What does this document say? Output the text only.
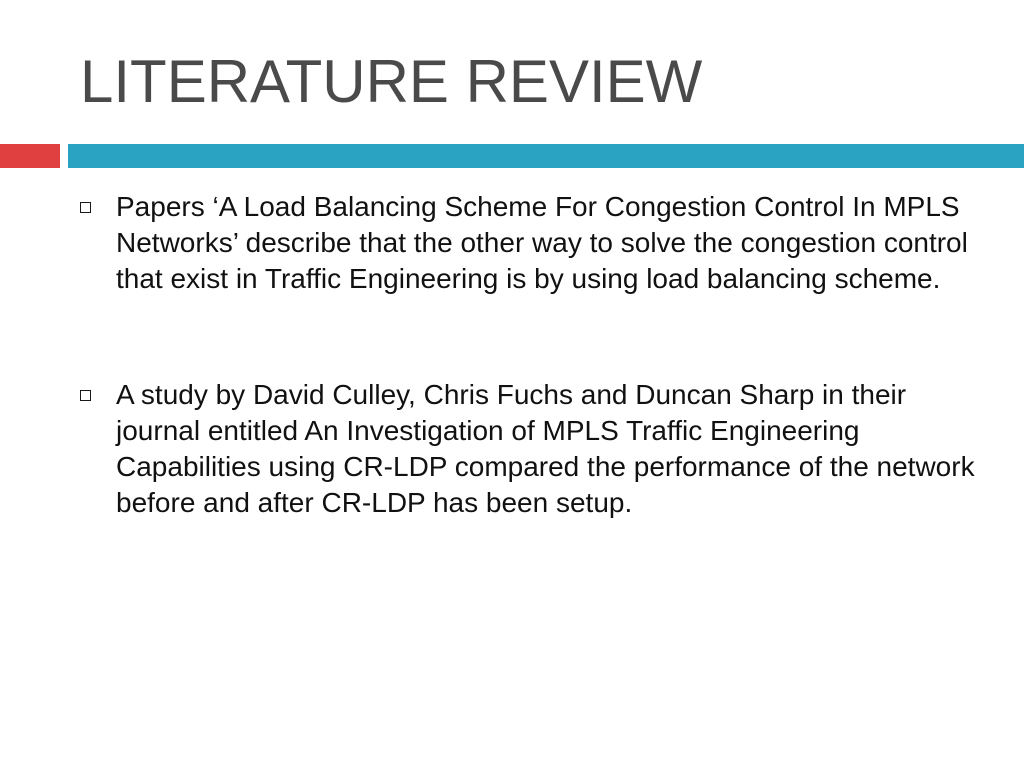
LITERATURE REVIEW
Papers ‘A Load Balancing Scheme For Congestion Control In MPLS Networks’ describe that the other way to solve the congestion control that exist in Traffic Engineering is by using load balancing scheme.
A study by David Culley, Chris Fuchs and Duncan Sharp in their journal entitled An Investigation of MPLS Traffic Engineering Capabilities using CR-LDP compared the performance of the network before and after CR-LDP has been setup.
